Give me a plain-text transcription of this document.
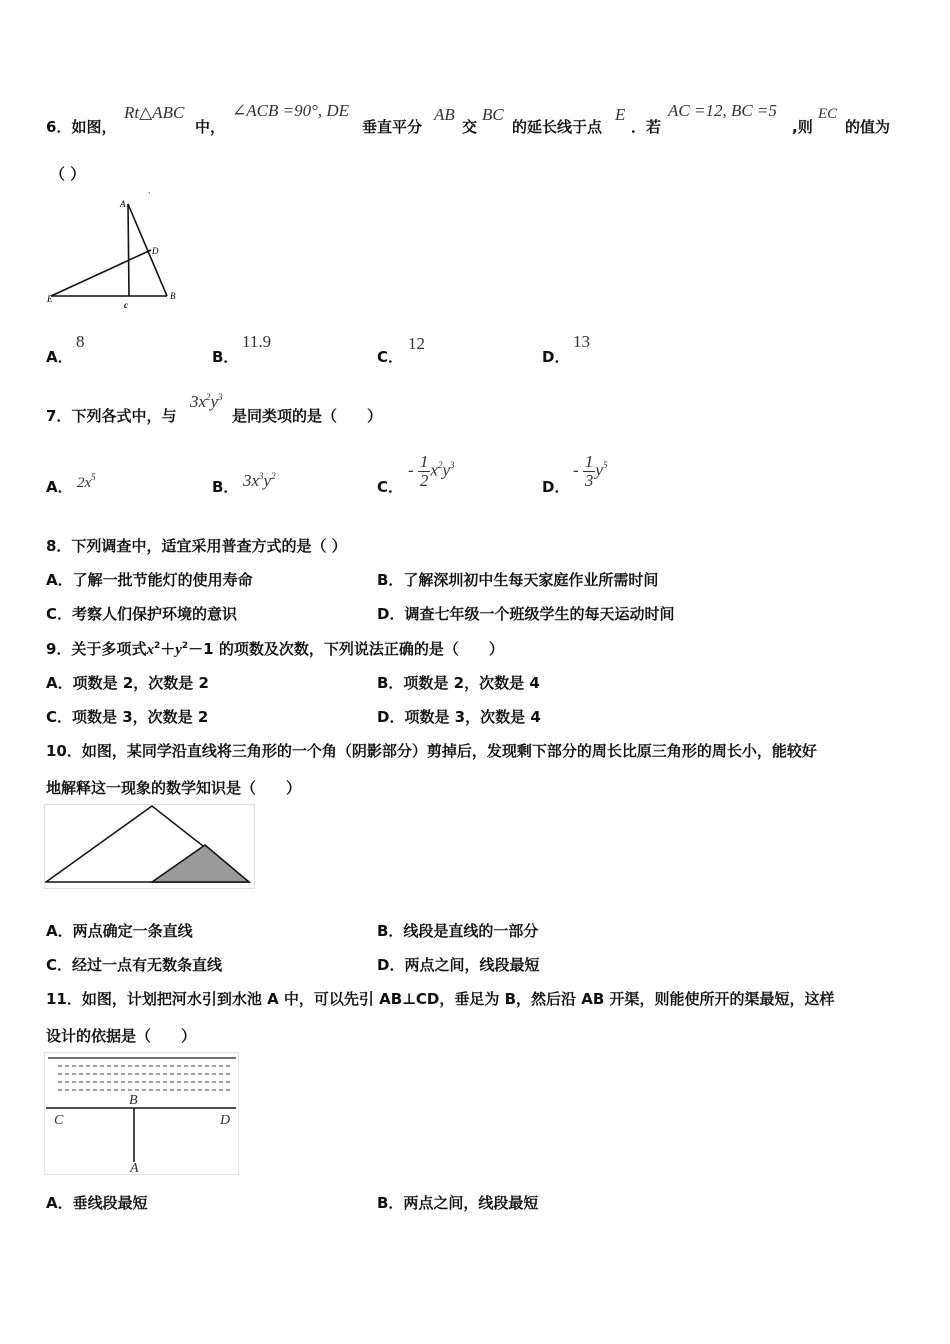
6．如图，
Rt△ABC
中，
∠ACB =90°, DE
垂直平分
AB
交
BC
的延长线于点
E
．若
AC =12, BC =5
,则
EC
的值为
（ ）
A
·
D
E
c
B
A．
8
B．
11.9
C．
12
D．
13
7．下列各式中，与
$3x^2y^3$
是同类项的是（　　）
A． $2x^5$
B． $3x^3y^2$
C．
- $\frac{1}{2} x^2y^3$
D．
- $\frac{1}{3} y^5$
8．下列调查中，适宜采用普查方式的是（ ）
A．了解一批节能灯的使用寿命	B．了解深圳初中生每天家庭作业所需时间
C．考察人们保护环境的意识	D．调查七年级一个班级学生的每天运动时间
9．关于多项式$x^2+y^2-1$ 的项数及次数，下列说法正确的是（　　）
A．项数是 2，次数是 2	B．项数是 2，次数是 4
C．项数是 3，次数是 2	D．项数是 3，次数是 4
10．如图，某同学沿直线将三角形的一个角（阴影部分）剪掉后，发现剩下部分的周长比原三角形的周长小，能较好
地解释这一现象的数学知识是（　　）
A．两点确定一条直线	B．线段是直线的一部分
C．经过一点有无数条直线	D．两点之间，线段最短
11．如图，计划把河水引到水池 A 中，可以先引 AB⊥CD，垂足为 B，然后沿 AB 开渠，则能使所开的渠最短，这样
设计的依据是（　　）
B
C	D
A
A．垂线段最短	B．两点之间，线段最短
